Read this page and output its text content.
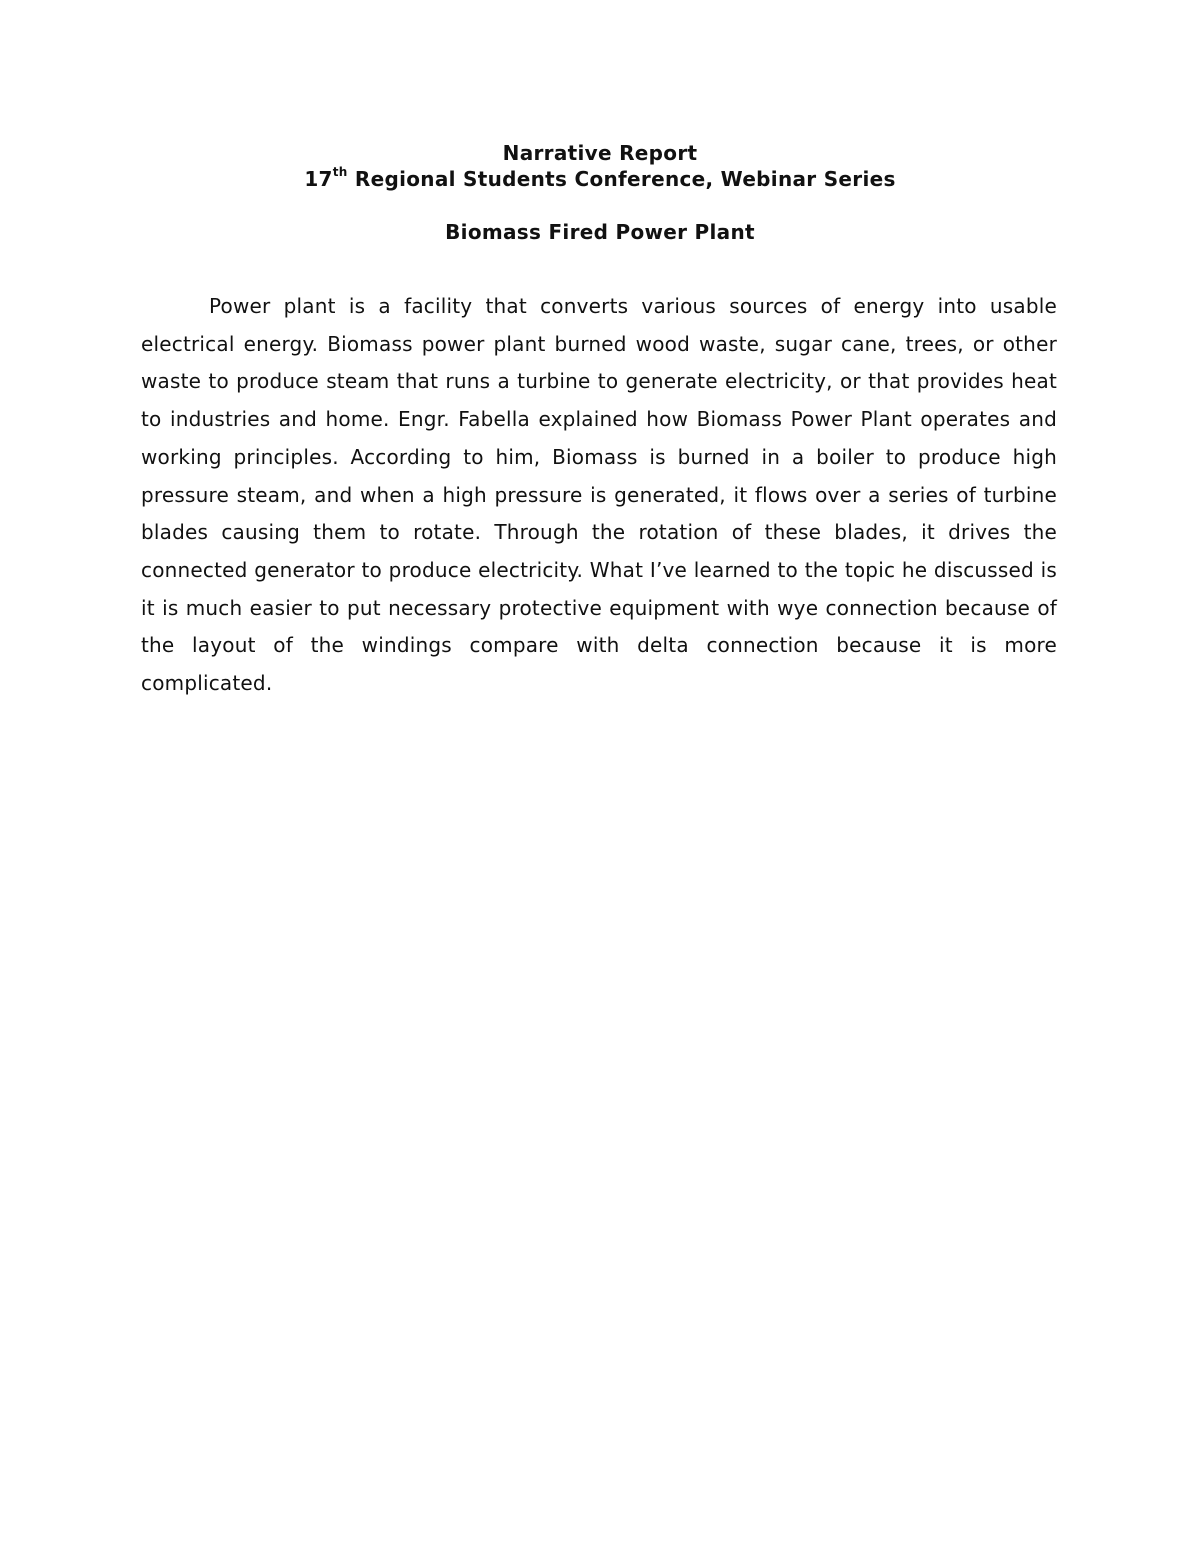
Narrative Report
17th Regional Students Conference, Webinar Series
Biomass Fired Power Plant

Power plant is a facility that converts various sources of energy into usable electrical energy. Biomass power plant burned wood waste, sugar cane, trees, or other waste to produce steam that runs a turbine to generate electricity, or that provides heat to industries and home. Engr. Fabella explained how Biomass Power Plant operates and working principles. According to him, Biomass is burned in a boiler to produce high pressure steam, and when a high pressure is generated, it flows over a series of turbine blades causing them to rotate. Through the rotation of these blades, it drives the connected generator to produce electricity. What I’ve learned to the topic he discussed is it is much easier to put necessary protective equipment with wye connection because of the layout of the windings compare with delta connection because it is more complicated.
